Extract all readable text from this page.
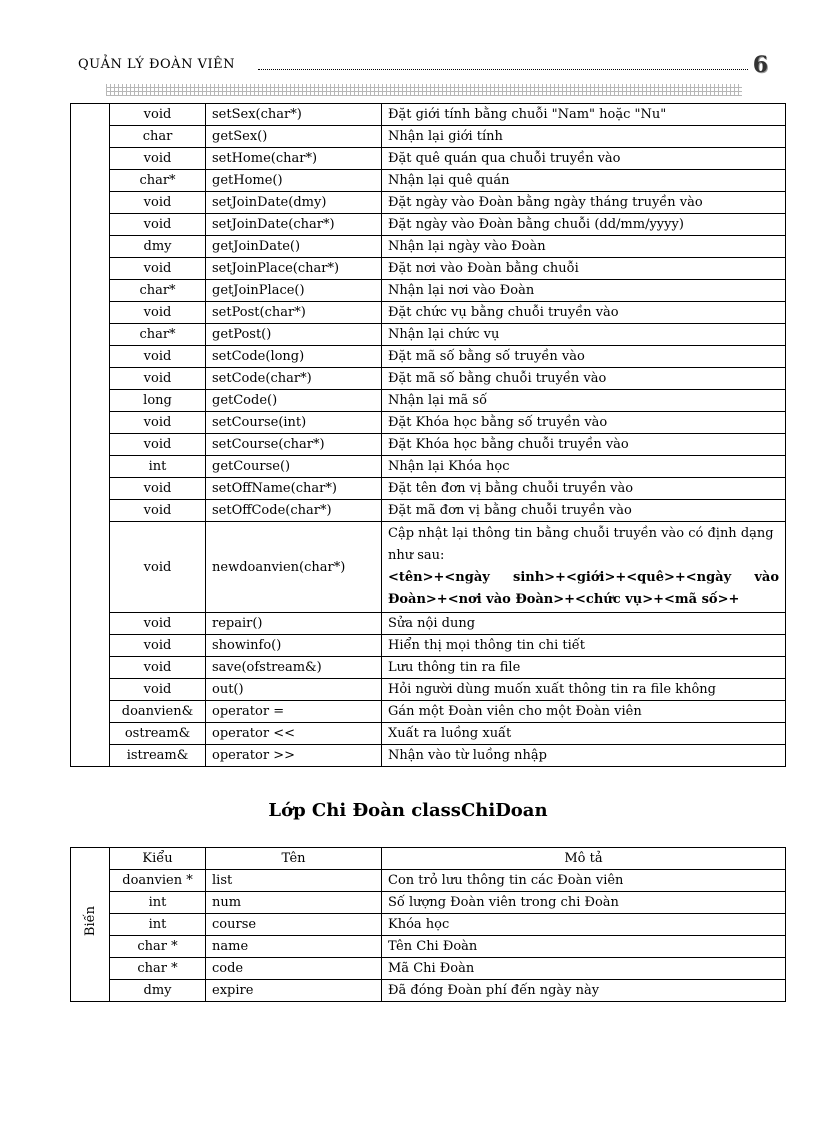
QUẢN LÝ ĐOÀN VIÊN	6
	void	setSex(char*)	Đặt giới tính bằng chuỗi "Nam" hoặc "Nu"
	char	getSex()	Nhận lại giới tính
	void	setHome(char*)	Đặt quê quán qua chuỗi truyền vào
	char*	getHome()	Nhận lại quê quán
	void	setJoinDate(dmy)	Đặt ngày vào Đoàn bằng ngày tháng truyền vào
	void	setJoinDate(char*)	Đặt ngày vào Đoàn bằng chuỗi (dd/mm/yyyy)
	dmy	getJoinDate()	Nhận lại ngày vào Đoàn
	void	setJoinPlace(char*)	Đặt nơi vào Đoàn bằng chuỗi
	char*	getJoinPlace()	Nhận lại nơi vào Đoàn
	void	setPost(char*)	Đặt chức vụ bằng chuỗi truyền vào
	char*	getPost()	Nhận lại chức vụ
	void	setCode(long)	Đặt mã số bằng số truyền vào
	void	setCode(char*)	Đặt mã số bằng chuỗi truyền vào
	long	getCode()	Nhận lại mã số
	void	setCourse(int)	Đặt Khóa học bằng số truyền vào
	void	setCourse(char*)	Đặt Khóa học bằng chuỗi truyền vào
	int	getCourse()	Nhận lại Khóa học
	void	setOffName(char*)	Đặt tên đơn vị bằng chuỗi truyền vào
	void	setOffCode(char*)	Đặt mã đơn vị bằng chuỗi truyền vào
	void	newdoanvien(char*)	Cập nhật lại thông tin bằng chuỗi truyền vào có định dạng như sau:
<tên>+<ngày sinh>+<giới>+<quê>+<ngày vào
Đoàn>+<nơi vào Đoàn>+<chức vụ>+<mã số>+

	void	repair()	Sửa nội dung
	void	showinfo()	Hiển thị mọi thông tin chi tiết
	void	save(ofstream&)	Lưu thông tin ra file
	void	out()	Hỏi người dùng muốn xuất thông tin ra file không
	doanvien&	operator =	Gán một Đoàn viên cho một Đoàn viên
	ostream&	operator <<	Xuất ra luồng xuất
	istream&	operator >>	Nhận vào từ luồng nhập
Lớp Chi Đoàn classChiDoan
Biến	Kiểu	Tên	Mô tả
	doanvien *	list	Con trỏ lưu thông tin các Đoàn viên
	int	num	Số lượng Đoàn viên trong chi Đoàn
	int	course	Khóa học
	char *	name	Tên Chi Đoàn
	char *	code	Mã Chi Đoàn
	dmy	expire	Đã đóng Đoàn phí đến ngày này
